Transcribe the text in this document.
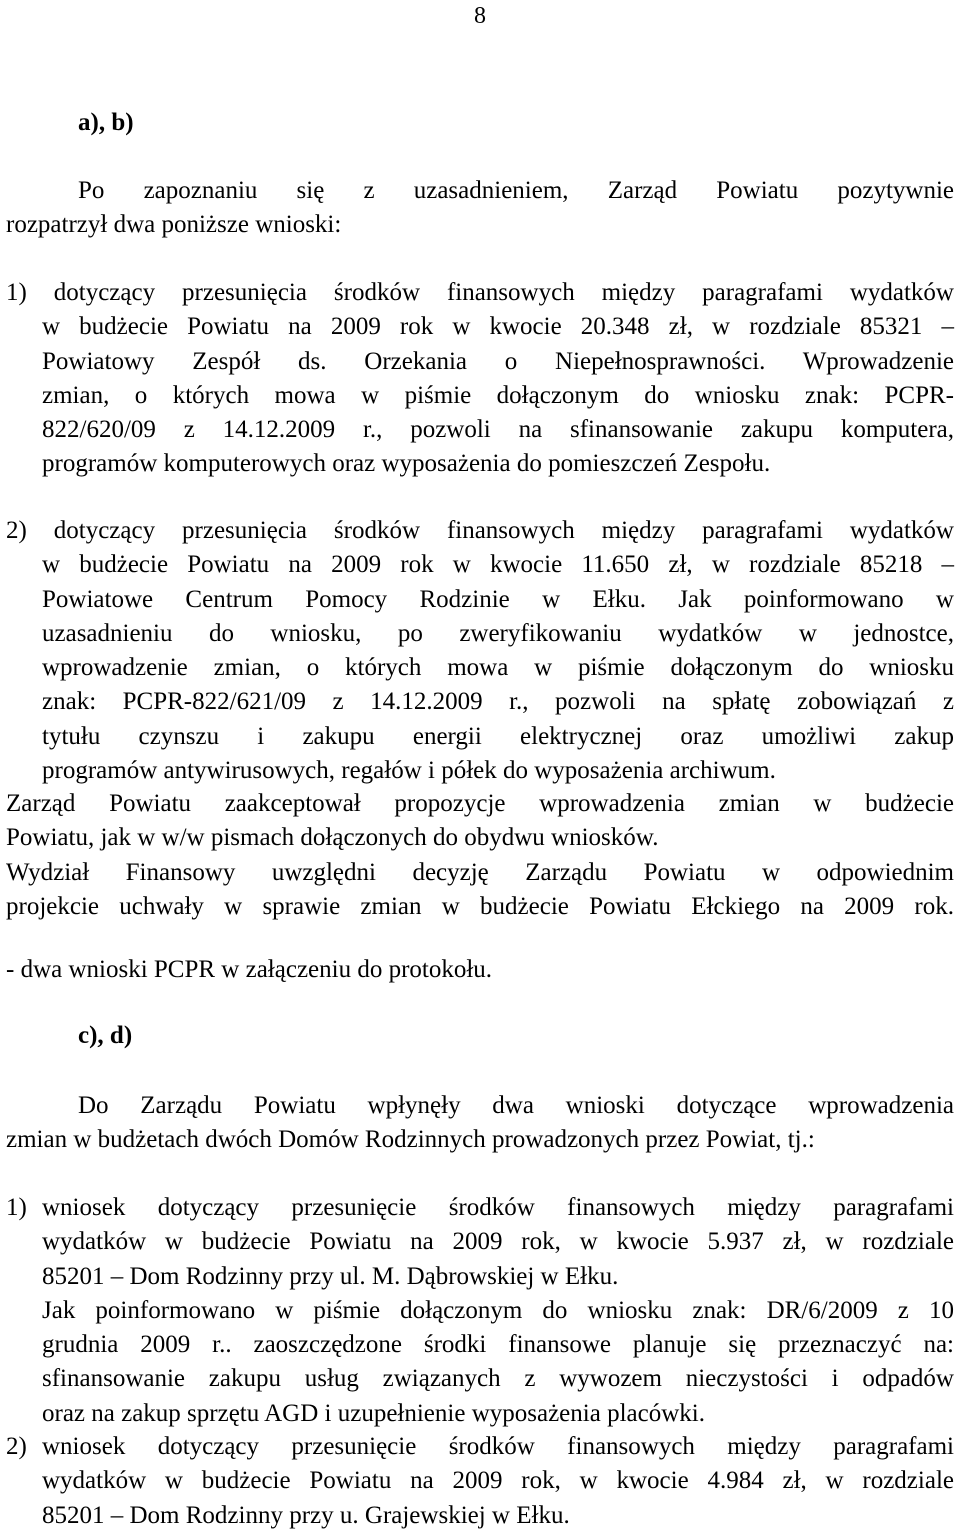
8
a), b)
Po zapoznaniu się z uzasadnieniem, Zarząd Powiatu pozytywnie
rozpatrzył dwa poniższe wnioski:
1) dotyczący przesunięcia środków finansowych między paragrafami wydatków
w budżecie Powiatu na 2009 rok w kwocie 20.348 zł, w rozdziale 85321 –
Powiatowy Zespół ds. Orzekania o Niepełnosprawności. Wprowadzenie
zmian, o których mowa w piśmie dołączonym do wniosku znak: PCPR-
822/620/09 z 14.12.2009 r., pozwoli na sfinansowanie zakupu komputera,
programów komputerowych oraz wyposażenia do pomieszczeń Zespołu.
2) dotyczący przesunięcia środków finansowych między paragrafami wydatków
w budżecie Powiatu na 2009 rok w kwocie 11.650 zł, w rozdziale 85218 –
Powiatowe Centrum Pomocy Rodzinie w Ełku. Jak poinformowano w
uzasadnieniu do wniosku, po zweryfikowaniu wydatków w jednostce,
wprowadzenie zmian, o których mowa w piśmie dołączonym do wniosku
znak: PCPR-822/621/09 z 14.12.2009 r., pozwoli na spłatę zobowiązań z
tytułu czynszu i zakupu energii elektrycznej oraz umożliwi zakup
programów antywirusowych, regałów i półek do wyposażenia archiwum.
Zarząd Powiatu zaakceptował propozycje wprowadzenia zmian w budżecie
Powiatu, jak w w/w pismach dołączonych do obydwu wniosków.
Wydział Finansowy uwzględni decyzję Zarządu Powiatu w odpowiednim
projekcie uchwały w sprawie zmian w budżecie Powiatu Ełckiego na 2009 rok.
- dwa wnioski PCPR w załączeniu do protokołu.
c), d)
Do Zarządu Powiatu wpłynęły dwa wnioski dotyczące wprowadzenia
zmian w budżetach dwóch Domów Rodzinnych prowadzonych przez Powiat, tj.:
1) wniosek dotyczący przesunięcie środków finansowych między paragrafami
wydatków w budżecie Powiatu na 2009 rok, w kwocie 5.937 zł, w rozdziale
85201 – Dom Rodzinny przy ul. M. Dąbrowskiej w Ełku.
Jak poinformowano w piśmie dołączonym do wniosku znak: DR/6/2009 z 10
grudnia 2009 r.. zaoszczędzone środki finansowe planuje się przeznaczyć na:
sfinansowanie zakupu usług związanych z wywozem nieczystości i odpadów
oraz na zakup sprzętu AGD i uzupełnienie wyposażenia placówki.
2) wniosek dotyczący przesunięcie środków finansowych między paragrafami
wydatków w budżecie Powiatu na 2009 rok, w kwocie 4.984 zł, w rozdziale
85201 – Dom Rodzinny przy u. Grajewskiej w Ełku.
